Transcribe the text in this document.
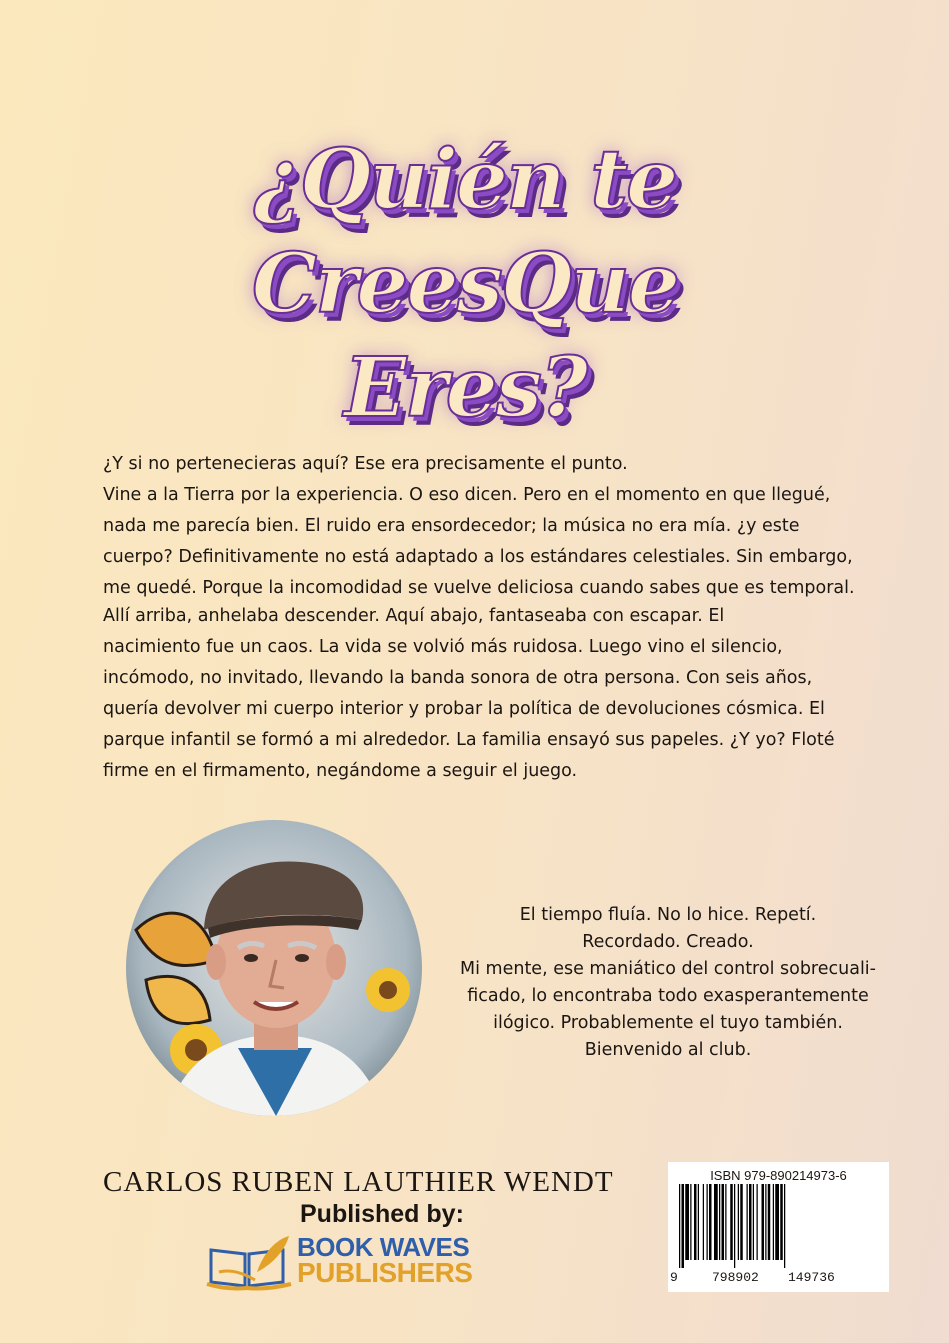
¿Quién te
CreesQue
Eres?

¿Y si no pertenecieras aquí? Ese era precisamente el punto.
Vine a la Tierra por la experiencia. O eso dicen. Pero en el momento en que llegué,
nada me parecía bien. El ruido era ensordecedor; la música no era mía. ¿y este
cuerpo? Definitivamente no está adaptado a los estándares celestiales. Sin embargo,
me quedé. Porque la incomodidad se vuelve deliciosa cuando sabes que es temporal.

Allí arriba, anhelaba descender. Aquí abajo, fantaseaba con escapar. El
nacimiento fue un caos. La vida se volvió más ruidosa. Luego vino el silencio,
incómodo, no invitado, llevando la banda sonora de otra persona. Con seis años,
quería devolver mi cuerpo interior y probar la política de devoluciones cósmica. El
parque infantil se formó a mi alrededor. La familia ensayó sus papeles. ¿Y yo? Floté
firme en el firmamento, negándome a seguir el juego.

El tiempo fluía. No lo hice. Repetí.
Recordado. Creado.
Mi mente, ese maniático del control sobrecuali-
ficado, lo encontraba todo exasperantemente
ilógico. Probablemente el tuyo también.
Bienvenido al club.

CARLOS RUBEN LAUTHIER WENDT

Published by:

BOOK WAVES

PUBLISHERS

ISBN 979-890214973-6

9	798902 149736
